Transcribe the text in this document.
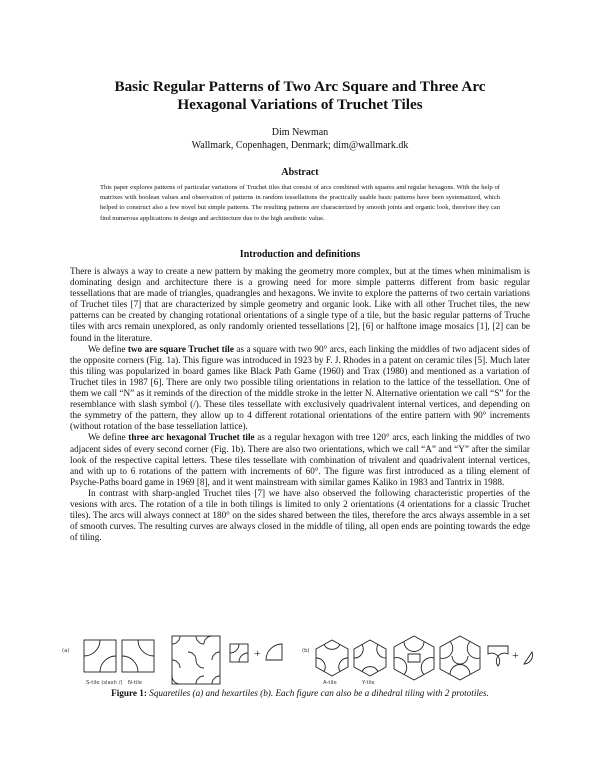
Basic Regular Patterns of Two Arc Square and Three Arc
Hexagonal Variations of Truchet Tiles
Dim Newman
Wallmark, Copenhagen, Denmark; dim@wallmark.dk
Abstract

This paper explores patterns of particular variations of Truchet tiles that consist of arcs combined with squares and regular hexagons. With the help of matrixes with boolean values and observation of patterns in random tessellations the practically usable basic patterns have been systematized, which helped to construct also a few novel but simple patterns. The resulting patterns are characterized by smooth joints and organic look, therefore they can find numerous applications in design and architecture due to the high aesthetic value.

Introduction and definitions

There is always a way to create a new pattern by making the geometry more complex, but at the times when minimalism is dominating design and architecture there is a growing need for more simple patterns different from basic regular tessellations that are made of triangles, quadrangles and hexagons. We invite to explore the patterns of two certain variations of Truchet tiles [7] that are characterized by simple geometry and organic look. Like with all other Truchet tiles, the new patterns can be created by changing rotational orientations of a single type of a tile, but the basic regular patterns of Truche tiles with arcs remain unexplored, as only randomly oriented tessellations [2], [6] or halftone image mosaics [1], [2] can be found in the literature.

We define two are square Truchet tile as a square with two 90° arcs, each linking the middles of two adjacent sides of the opposite corners (Fig. 1a). This figure was introduced in 1923 by F. J. Rhodes in a patent on ceramic tiles [5]. Much later this tiling was popularized in board games like Black Path Game (1960) and Trax (1980) and mentioned as a variation of Truchet tiles in 1987 [6]. There are only two possible tiling orientations in relation to the lattice of the tessellation. One of them we call “N” as it reminds of the direction of the middle stroke in the letter N. Alternative orientation we call “S” for the resemblance with slash symbol (/). These tiles tessellate with exclusively quadrivalent internal vertices, and depending on the symmetry of the pattern, they allow up to 4 different rotational orientations of the entire pattern with 90° increments (without rotation of the base tessellation lattice).

We define three arc hexagonal Truchet tile as a regular hexagon with tree 120° arcs, each linking the middles of two adjacent sides of every second corner (Fig. 1b). There are also two orientations, which we call “A” and “Y” after the similar look of the respective capital letters. These tiles tessellate with combination of trivalent and quadrivalent internal vertices, and with up to 6 rotations of the pattern with increments of 60°. The figure was first introduced as a tiling element of Psyche-Paths board game in 1969 [8], and it went mainstream with similar games Kaliko in 1983 and Tantrix in 1988.

In contrast with sharp-angled Truchet tiles [7] we have also observed the following characteristic properties of the vesions with arcs. The rotation of a tile in both tilings is limited to only 2 orientations (4 orientations for a classic Truchet tiles). The arcs will always connect at 180° on the sides shared between the tiles, therefore the arcs always assemble in a set of smooth curves. The resulting curves are always closed in the middle of tiling, all open ends are pointing towards the edge of tiling.

(a)	+
S-tile (slash /) N-tile
(b)	+
A-tile	Y-tile

Figure 1: Squaretiles (a) and hexartiles (b). Each figure can also be a dihedral tiling with 2 prototiles.
